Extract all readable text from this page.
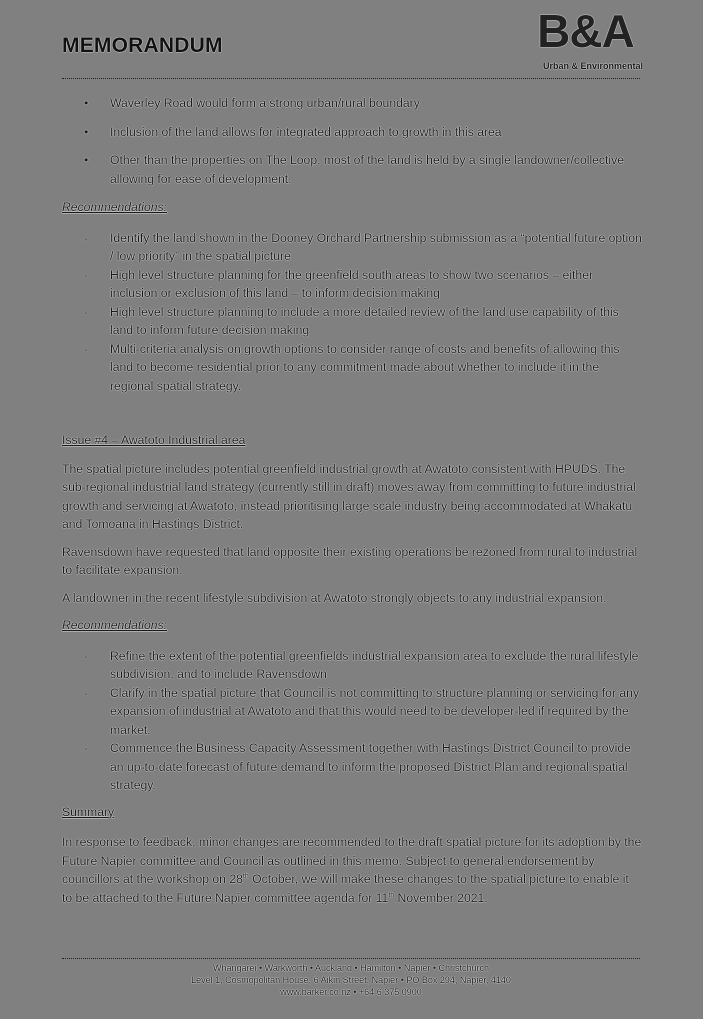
MEMORANDUM	B&A
Urban & Environmental
• Waverley Road would form a strong urban/rural boundary
• Inclusion of the land allows for integrated approach to growth in this area
• Other than the properties on The Loop, most of the land is held by a single landowner/collective allowing for ease of development.
Recommendations:
- Identify the land shown in the Dooney Orchard Partnership submission as a “potential future option / low priority” in the spatial picture
- High level structure planning for the greenfield south areas to show two scenarios – either inclusion or exclusion of this land – to inform decision making
- High level structure planning to include a more detailed review of the land use capability of this land to inform future decision making
- Multi-criteria analysis on growth options to consider range of costs and benefits of allowing this land to become residential prior to any commitment made about whether to include it in the regional spatial strategy.
Issue #4 – Awatoto Industrial area

The spatial picture includes potential greenfield industrial growth at Awatoto consistent with HPUDS. The sub-regional industrial land strategy (currently still in draft) moves away from committing to future industrial growth and servicing at Awatoto, instead prioritising large scale industry being accommodated at Whakatu and Tomoana in Hastings District.

Ravensdown have requested that land opposite their existing operations be rezoned from rural to industrial to facilitate expansion.

A landowner in the recent lifestyle subdivision at Awatoto strongly objects to any industrial expansion.

Recommendations:
- Refine the extent of the potential greenfields industrial expansion area to exclude the rural lifestyle subdivision, and to include Ravensdown
- Clarify in the spatial picture that Council is not committing to structure planning or servicing for any expansion of industrial at Awatoto and that this would need to be developer-led if required by the market.
- Commence the Business Capacity Assessment together with Hastings District Council to provide an up-to-date forecast of future demand to inform the proposed District Plan and regional spatial strategy.
Summary

In response to feedback, minor changes are recommended to the draft spatial picture for its adoption by the Future Napier committee and Council as outlined in this memo. Subject to general endorsement by councillors at the workshop on 28th October, we will make these changes to the spatial picture to enable it to be attached to the Future Napier committee agenda for 11th November 2021.

Whangarei • Warkworth • Auckland • Hamilton • Napier • Christchurch
Level 1, Cosmopolitan House, 6 Aikin Street, Napier • PO Box 294, Napier, 4140
www.barker.co.nz • +64 6 375 0900
